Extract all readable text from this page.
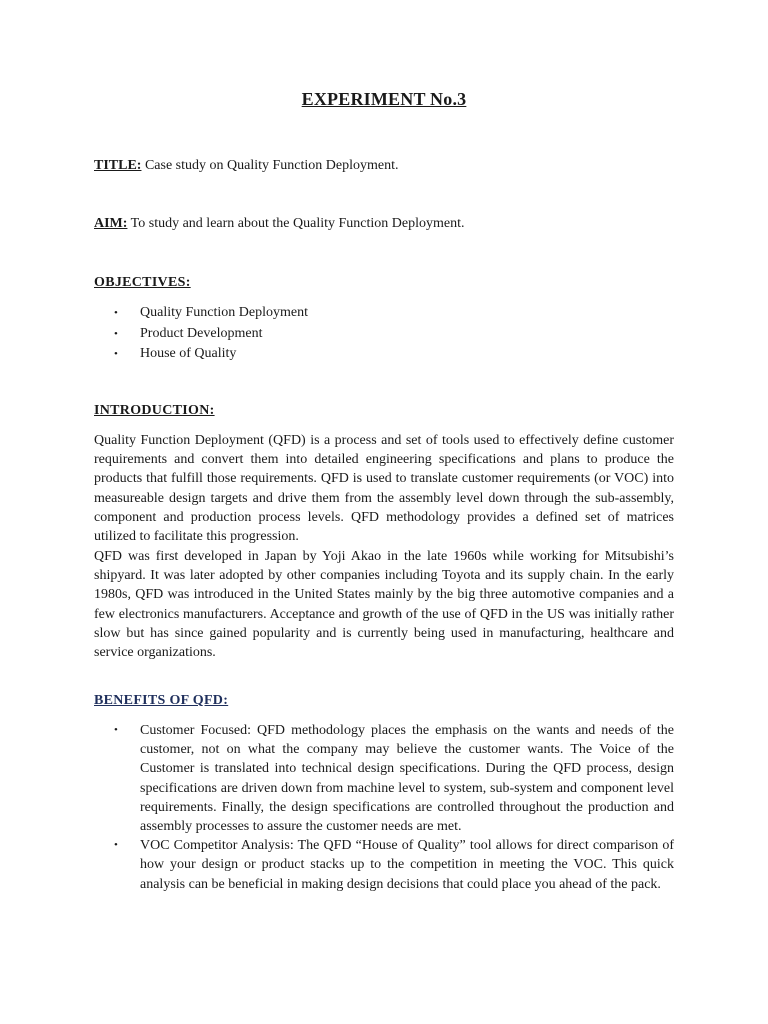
EXPERIMENT No.3
TITLE: Case study on Quality Function Deployment.
AIM: To study and learn about the Quality Function Deployment.
OBJECTIVES:
• Quality Function Deployment
• Product Development
• House of Quality
INTRODUCTION:

Quality Function Deployment (QFD) is a process and set of tools used to effectively define customer requirements and convert them into detailed engineering specifications and plans to produce the products that fulfill those requirements. QFD is used to translate customer requirements (or VOC) into measureable design targets and drive them from the assembly level down through the sub-assembly, component and production process levels. QFD methodology provides a defined set of matrices utilized to facilitate this progression.

QFD was first developed in Japan by Yoji Akao in the late 1960s while working for Mitsubishi’s shipyard. It was later adopted by other companies including Toyota and its supply chain. In the early 1980s, QFD was introduced in the United States mainly by the big three automotive companies and a few electronics manufacturers. Acceptance and growth of the use of QFD in the US was initially rather slow but has since gained popularity and is currently being used in manufacturing, healthcare and service organizations.

BENEFITS OF QFD:
• Customer Focused: QFD methodology places the emphasis on the wants and needs of the customer, not on what the company may believe the customer wants. The Voice of the Customer is translated into technical design specifications. During the QFD process, design specifications are driven down from machine level to system, sub-system and component level requirements. Finally, the design specifications are controlled throughout the production and assembly processes to assure the customer needs are met.
• VOC Competitor Analysis: The QFD “House of Quality” tool allows for direct comparison of how your design or product stacks up to the competition in meeting the VOC. This quick analysis can be beneficial in making design decisions that could place you ahead of the pack.
